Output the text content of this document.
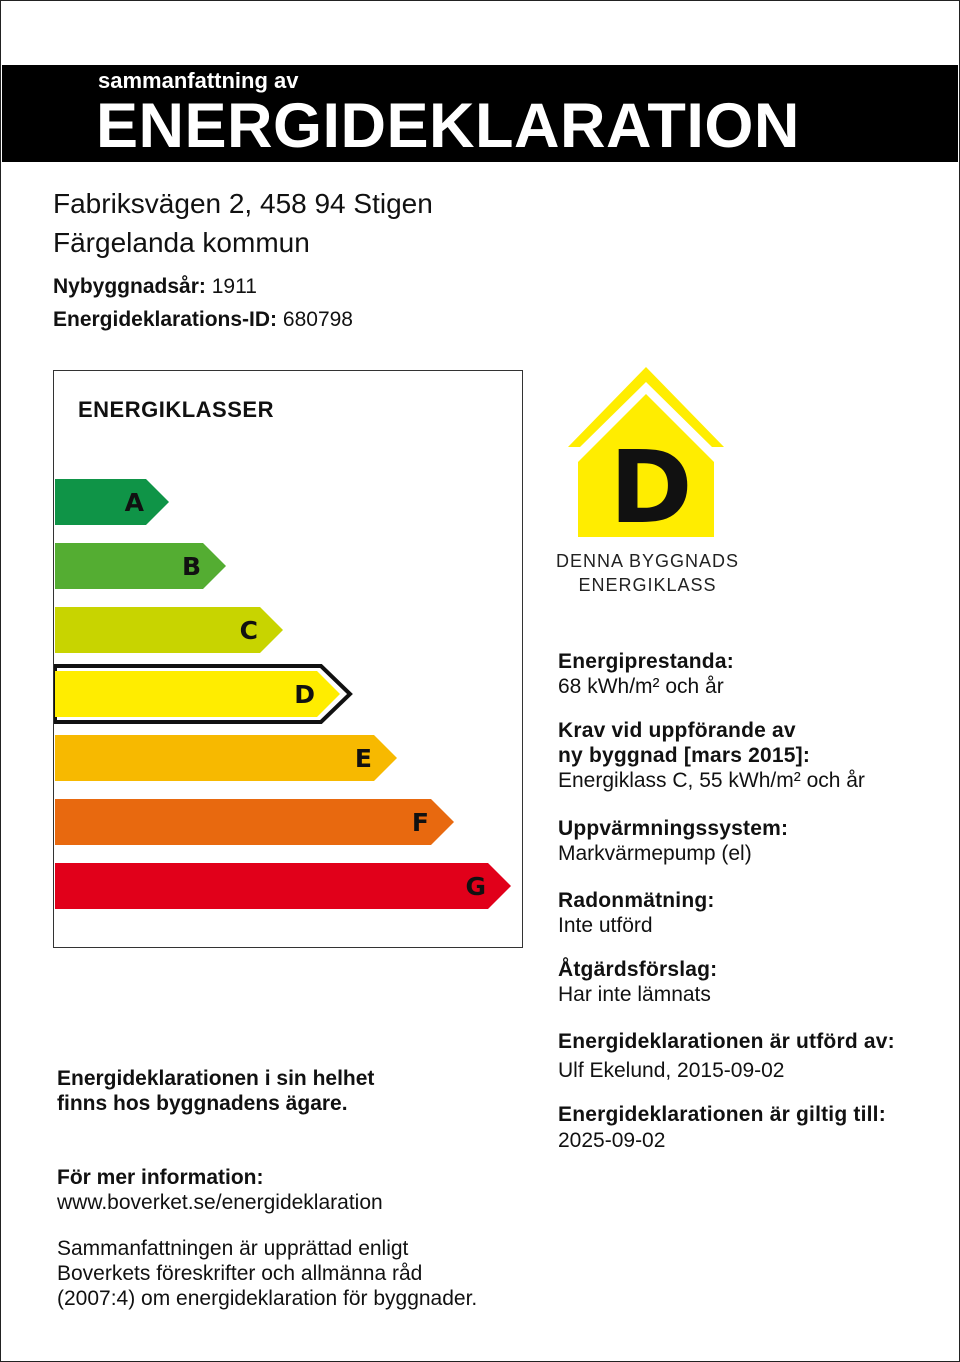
sammanfattning av
ENERGIDEKLARATION
Fabriksvägen 2, 458 94 Stigen
Färgelanda kommun
Nybyggnadsår: 1911
Energideklarations-ID: 680798
ENERGIKLASSER
A
B
C
D
E
F
G
D
DENNA BYGGNADS
ENERGIKLASS
Energiprestanda:
68 kWh/m² och år
Krav vid uppförande av
ny byggnad [mars 2015]:
Energiklass C, 55 kWh/m² och år
Uppvärmningssystem:
Markvärmepump (el)
Radonmätning:
Inte utförd
Åtgärdsförslag:
Har inte lämnats
Energideklarationen är utförd av:
Ulf Ekelund, 2015-09-02
Energideklarationen är giltig till:
2025-09-02
Energideklarationen i sin helhet
finns hos byggnadens ägare.
För mer information:
www.boverket.se/energideklaration
Sammanfattningen är upprättad enligt
Boverkets föreskrifter och allmänna råd
(2007:4) om energideklaration för byggnader.
